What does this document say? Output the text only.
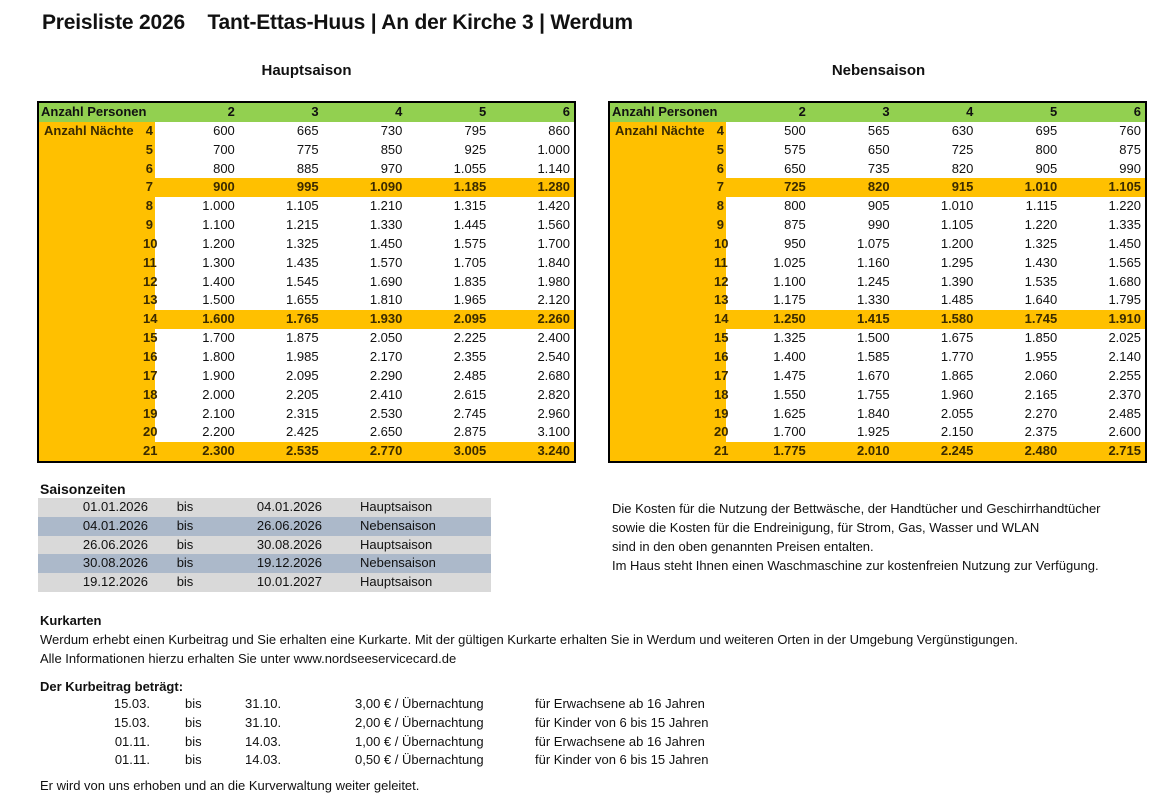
Preisliste 2026    Tant-Ettas-Huus | An der Kirche 3 | Werdum
Hauptsaison	Nebensaison
Anzahl Personen	2	3	4	5	6
Anzahl Nächte 4	600	665	730	795	860
5	700	775	850	925	1.000
6	800	885	970	1.055	1.140
7	900	995	1.090	1.185	1.280
8	1.000	1.105	1.210	1.315	1.420
9	1.100	1.215	1.330	1.445	1.560
10	1.200	1.325	1.450	1.575	1.700
11	1.300	1.435	1.570	1.705	1.840
12	1.400	1.545	1.690	1.835	1.980
13	1.500	1.655	1.810	1.965	2.120
14	1.600	1.765	1.930	2.095	2.260
15	1.700	1.875	2.050	2.225	2.400
16	1.800	1.985	2.170	2.355	2.540
17	1.900	2.095	2.290	2.485	2.680
18	2.000	2.205	2.410	2.615	2.820
19	2.100	2.315	2.530	2.745	2.960
20	2.200	2.425	2.650	2.875	3.100
21	2.300	2.535	2.770	3.005	3.240
Anzahl Personen	2	3	4	5	6
Anzahl Nächte 4	500	565	630	695	760
5	575	650	725	800	875
6	650	735	820	905	990
7	725	820	915	1.010	1.105
8	800	905	1.010	1.115	1.220
9	875	990	1.105	1.220	1.335
10	950	1.075	1.200	1.325	1.450
11	1.025	1.160	1.295	1.430	1.565
12	1.100	1.245	1.390	1.535	1.680
13	1.175	1.330	1.485	1.640	1.795
14	1.250	1.415	1.580	1.745	1.910
15	1.325	1.500	1.675	1.850	2.025
16	1.400	1.585	1.770	1.955	2.140
17	1.475	1.670	1.865	2.060	2.255
18	1.550	1.755	1.960	2.165	2.370
19	1.625	1.840	2.055	2.270	2.485
20	1.700	1.925	2.150	2.375	2.600
21	1.775	2.010	2.245	2.480	2.715
Saisonzeiten
01.01.2026	bis	04.01.2026	Hauptsaison
04.01.2026	bis	26.06.2026	Nebensaison
26.06.2026	bis	30.08.2026	Hauptsaison
30.08.2026	bis	19.12.2026	Nebensaison
19.12.2026	bis	10.01.2027	Hauptsaison
Die Kosten für die Nutzung der Bettwäsche, der Handtücher und Geschirrhandtücher
sowie die Kosten für die Endreinigung, für Strom, Gas, Wasser und WLAN
sind in den oben genannten Preisen entalten.
Im Haus steht Ihnen einen Waschmaschine zur kostenfreien Nutzung zur Verfügung.
Kurkarten
Werdum erhebt einen Kurbeitrag und Sie erhalten eine Kurkarte. Mit der gültigen Kurkarte erhalten Sie in Werdum und weiteren Orten in der Umgebung Vergünstigungen.
Alle Informationen hierzu erhalten Sie unter www.nordseeservicecard.de
Der Kurbeitrag beträgt:
15.03.	bis	31.10.	3,00 € / Übernachtung	für Erwachsene ab 16 Jahren
15.03.	bis	31.10.	2,00 € / Übernachtung	für Kinder von 6 bis 15 Jahren
01.11.	bis	14.03.	1,00 € / Übernachtung	für Erwachsene ab 16 Jahren
01.11.	bis	14.03.	0,50 € / Übernachtung	für Kinder von 6 bis 15 Jahren
Er wird von uns erhoben und an die Kurverwaltung weiter geleitet.
